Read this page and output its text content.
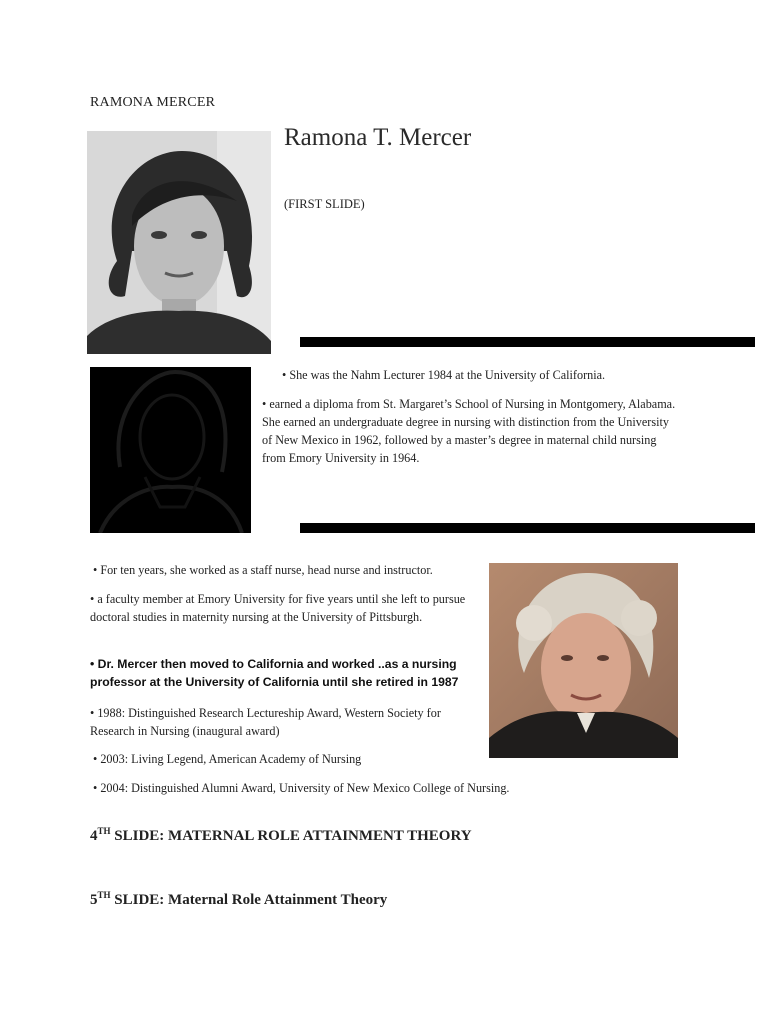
RAMONA MERCER
Ramona T. Mercer
(FIRST SLIDE)
• She was the Nahm Lecturer 1984 at the University of California.
• earned a diploma from St. Margaret’s School of Nursing in Montgomery, Alabama. She earned an undergraduate degree in nursing with distinction from the University of New Mexico in 1962, followed by a master’s degree in maternal child nursing from Emory University in 1964.
• For ten years, she worked as a staff nurse, head nurse and instructor.
• a faculty member at Emory University for five years until she left to pursue doctoral studies in maternity nursing at the University of Pittsburgh.
• Dr. Mercer then moved to California and worked ..as a nursing professor at the University of California until she retired in 1987
• 1988: Distinguished Research Lectureship Award, Western Society for Research in Nursing (inaugural award)
• 2003: Living Legend, American Academy of Nursing
• 2004: Distinguished Alumni Award, University of New Mexico College of Nursing.
4TH SLIDE: MATERNAL ROLE ATTAINMENT THEORY
5TH SLIDE: Maternal Role Attainment Theory
